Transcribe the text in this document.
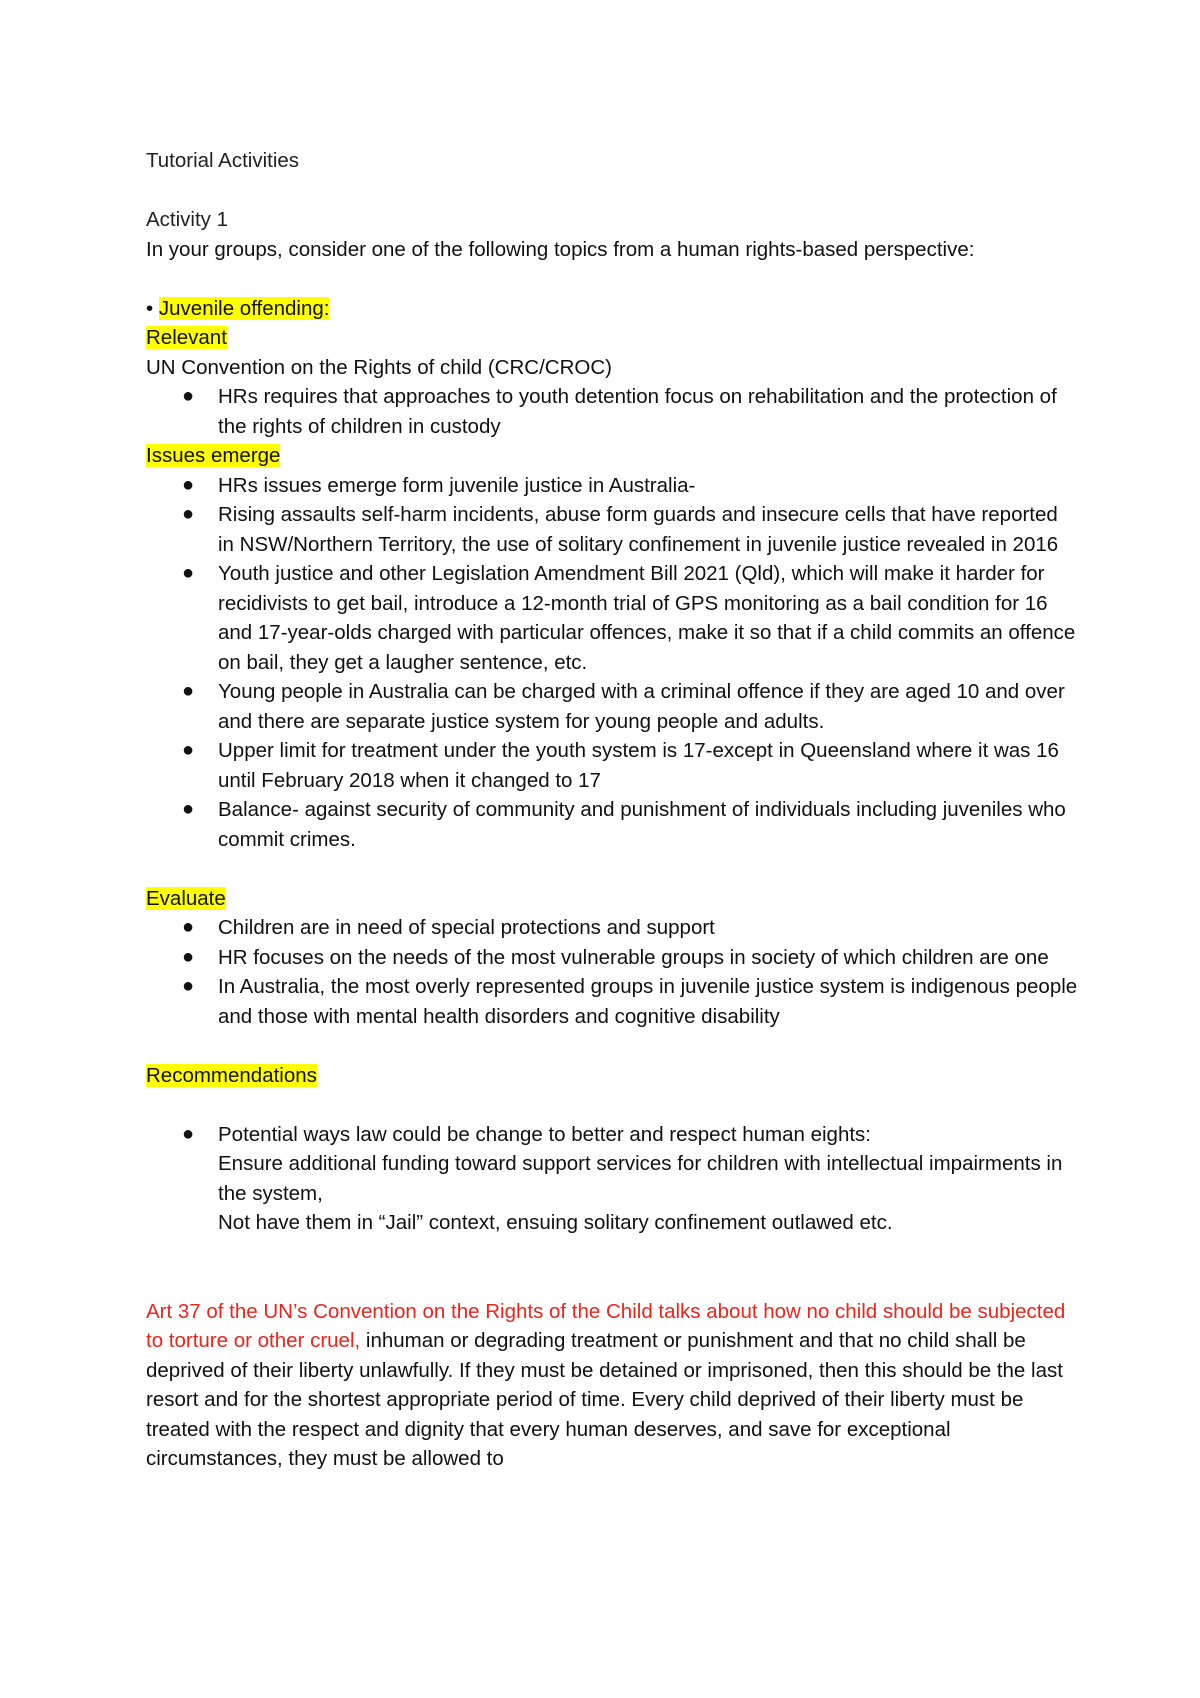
Tutorial Activities

Activity 1

In your groups, consider one of the following topics from a human rights-based perspective:

• Juvenile offending:

Relevant

UN Convention on the Rights of child (CRC/CROC)

● HRs requires that approaches to youth detention focus on rehabilitation and the protection of the rights of children in custody

Issues emerge

● HRs issues emerge form juvenile justice in Australia-
● Rising assaults self-harm incidents, abuse form guards and insecure cells that have reported in NSW/Northern Territory, the use of solitary confinement in juvenile justice revealed in 2016
● Youth justice and other Legislation Amendment Bill 2021 (Qld), which will make it harder for recidivists to get bail, introduce a 12-month trial of GPS monitoring as a bail condition for 16 and 17-year-olds charged with particular offences, make it so that if a child commits an offence on bail, they get a laugher sentence, etc.
● Young people in Australia can be charged with a criminal offence if they are aged 10 and over and there are separate justice system for young people and adults.
● Upper limit for treatment under the youth system is 17-except in Queensland where it was 16 until February 2018 when it changed to 17
● Balance- against security of community and punishment of individuals including juveniles who commit crimes.

Evaluate

● Children are in need of special protections and support
● HR focuses on the needs of the most vulnerable groups in society of which children are one
● In Australia, the most overly represented groups in juvenile justice system is indigenous people and those with mental health disorders and cognitive disability

Recommendations

● Potential ways law could be change to better and respect human eights:
Ensure additional funding toward support services for children with intellectual impairments in the system,
Not have them in “Jail” context, ensuing solitary confinement outlawed etc.

Art 37 of the UN’s Convention on the Rights of the Child talks about how no child should be subjected to torture or other cruel, inhuman or degrading treatment or punishment and that no child shall be deprived of their liberty unlawfully. If they must be detained or imprisoned, then this should be the last resort and for the shortest appropriate period of time. Every child deprived of their liberty must be treated with the respect and dignity that every human deserves, and save for exceptional circumstances, they must be allowed to
